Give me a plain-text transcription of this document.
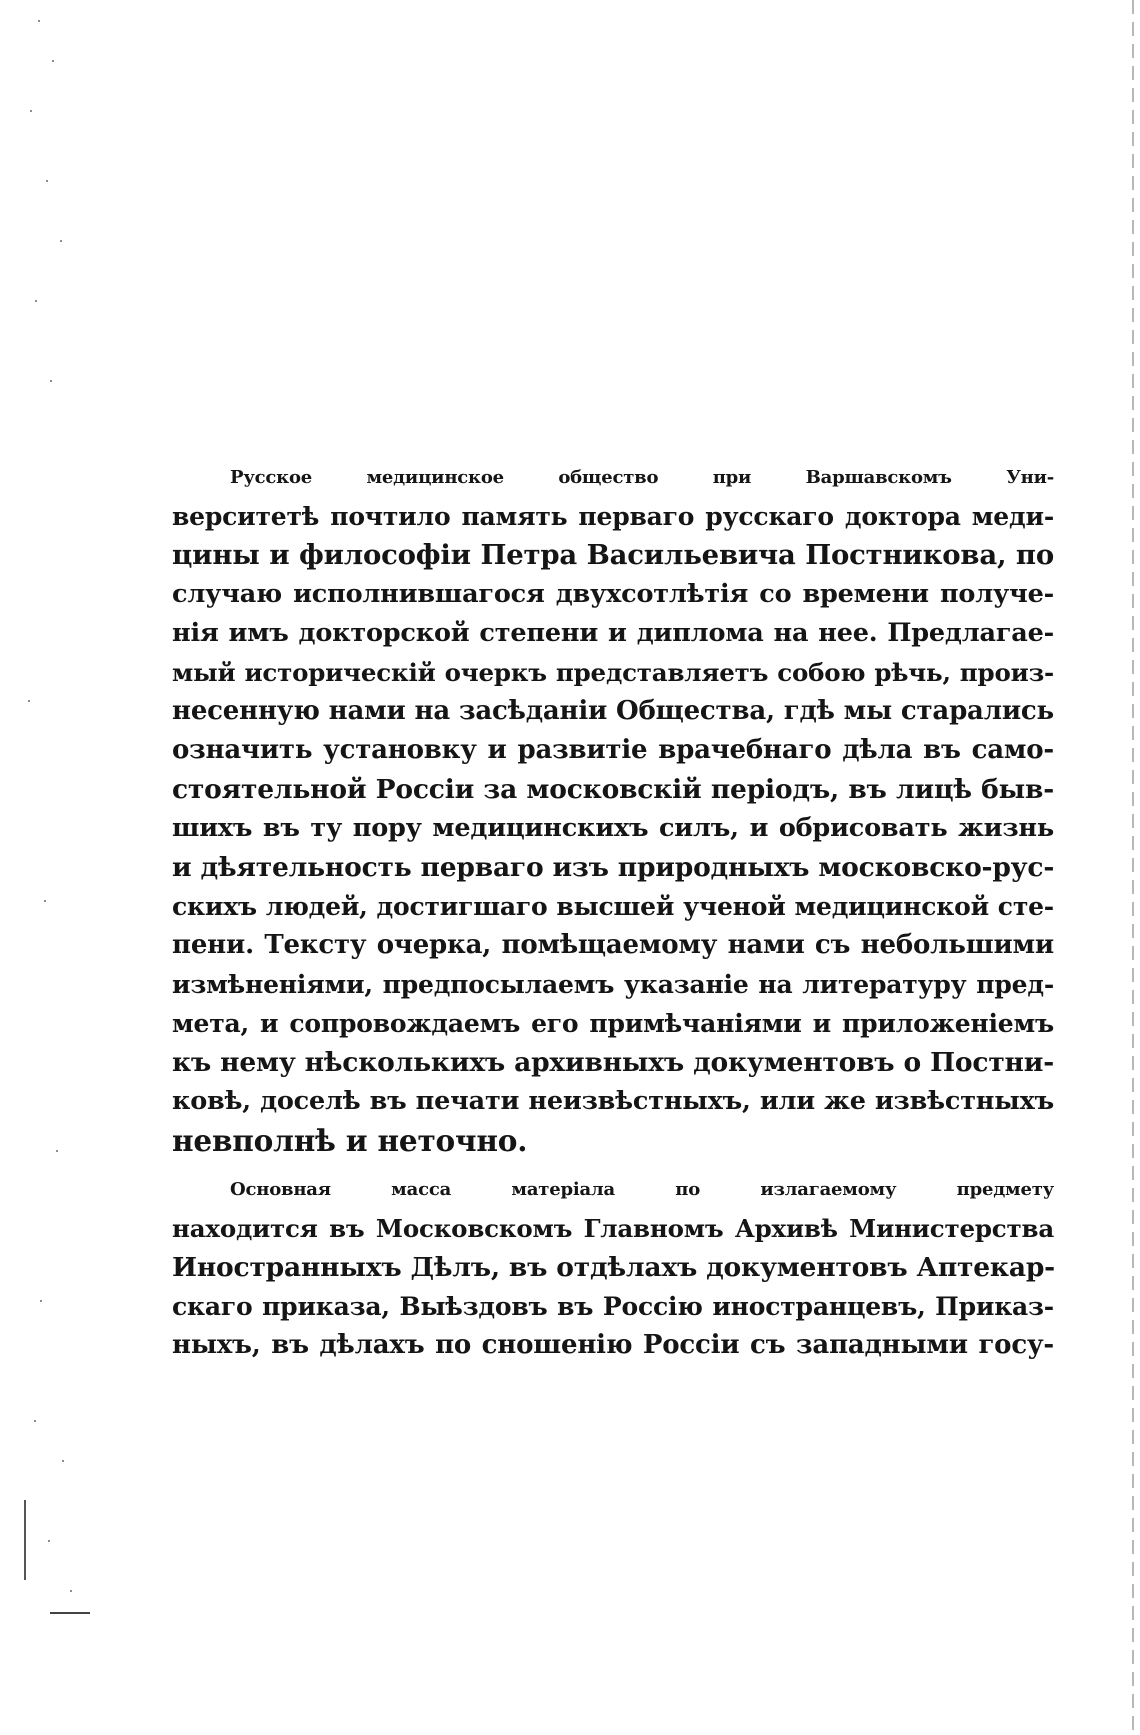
Русское медицинское общество при Варшавскомъ Уни-
верситетѣ почтило память перваго русскаго доктора меди-
цины и философіи Петра Васильевича Постникова, по
случаю исполнившагося двухсотлѣтія со времени получе-
нія имъ докторской степени и диплома на нее. Предлагае-
мый историческій очеркъ представляетъ собою рѣчь, произ-
несенную нами на засѣданіи Общества, гдѣ мы старались
означить установку и развитіе врачебнаго дѣла въ само-
стоятельной Россіи за московскій періодъ, въ лицѣ быв-
шихъ въ ту пору медицинскихъ силъ, и обрисовать жизнь
и дѣятельность перваго изъ природныхъ московско-рус-
скихъ людей, достигшаго высшей ученой медицинской сте-
пени. Тексту очерка, помѣщаемому нами съ небольшими
измѣненіями, предпосылаемъ указаніе на литературу пред-
мета, и сопровождаемъ его примѣчаніями и приложеніемъ
къ нему нѣсколькихъ архивныхъ документовъ о Постни-
ковѣ, доселѣ въ печати неизвѣстныхъ, или же извѣстныхъ
невполнѣ и неточно.

Основная масса матеріала по излагаемому предмету
находится въ Московскомъ Главномъ Архивѣ Министерства
Иностранныхъ Дѣлъ, въ отдѣлахъ документовъ Аптекар-
скаго приказа, Выѣздовъ въ Россію иностранцевъ, Приказ-
ныхъ, въ дѣлахъ по сношенію Россіи съ западными госу-
